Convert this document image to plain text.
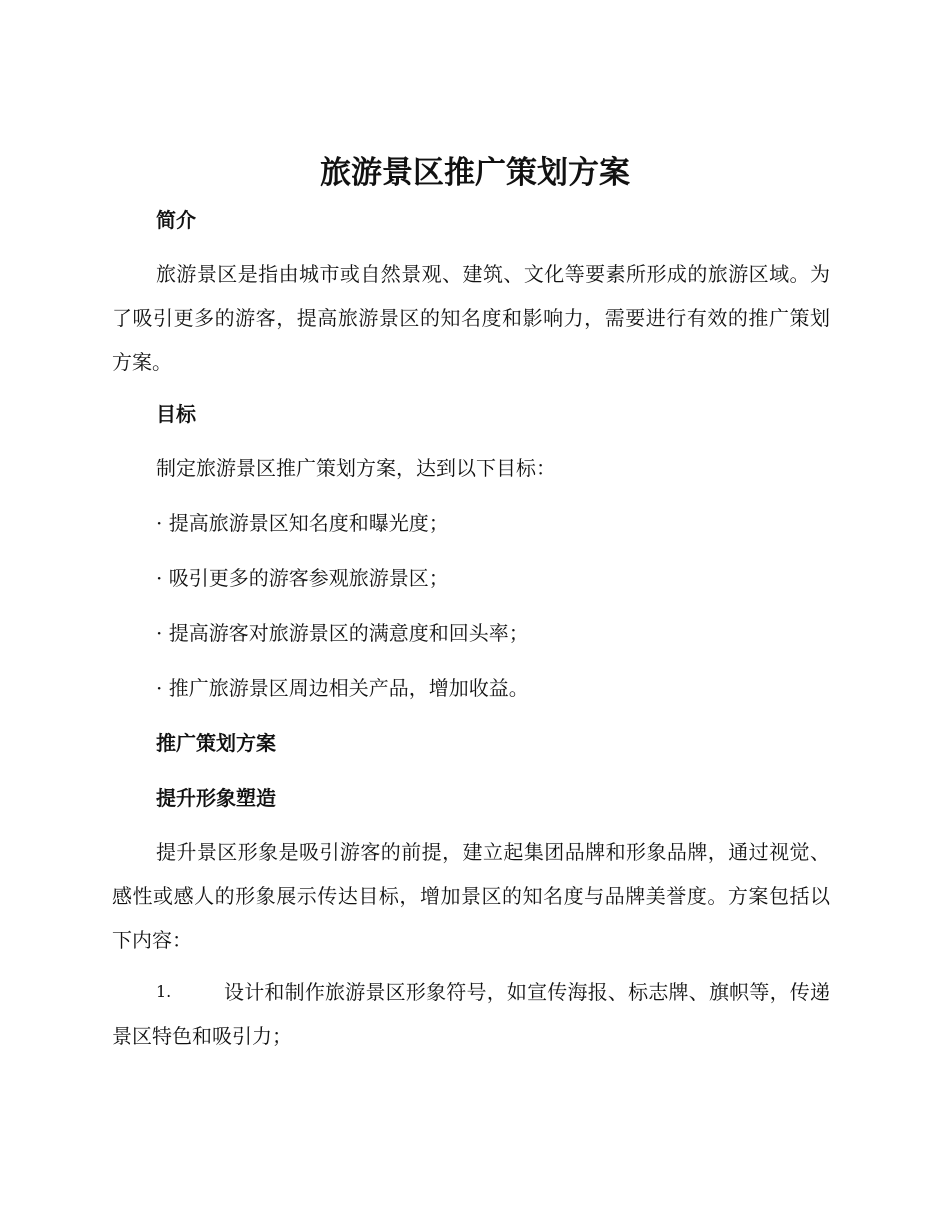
旅游景区推广策划方案
简介

旅游景区是指由城市或自然景观、建筑、文化等要素所形成的旅游区域。为了吸引更多的游客，提高旅游景区的知名度和影响力，需要进行有效的推广策划方案。

目标

制定旅游景区推广策划方案，达到以下目标：

· 提高旅游景区知名度和曝光度；

· 吸引更多的游客参观旅游景区；

· 提高游客对旅游景区的满意度和回头率；

· 推广旅游景区周边相关产品，增加收益。

推广策划方案
提升形象塑造

提升景区形象是吸引游客的前提，建立起集团品牌和形象品牌，通过视觉、感性或感人的形象展示传达目标，增加景区的知名度与品牌美誉度。方案包括以下内容：

1.	设计和制作旅游景区形象符号，如宣传海报、标志牌、旗帜等，传递景区特色和吸引力；
